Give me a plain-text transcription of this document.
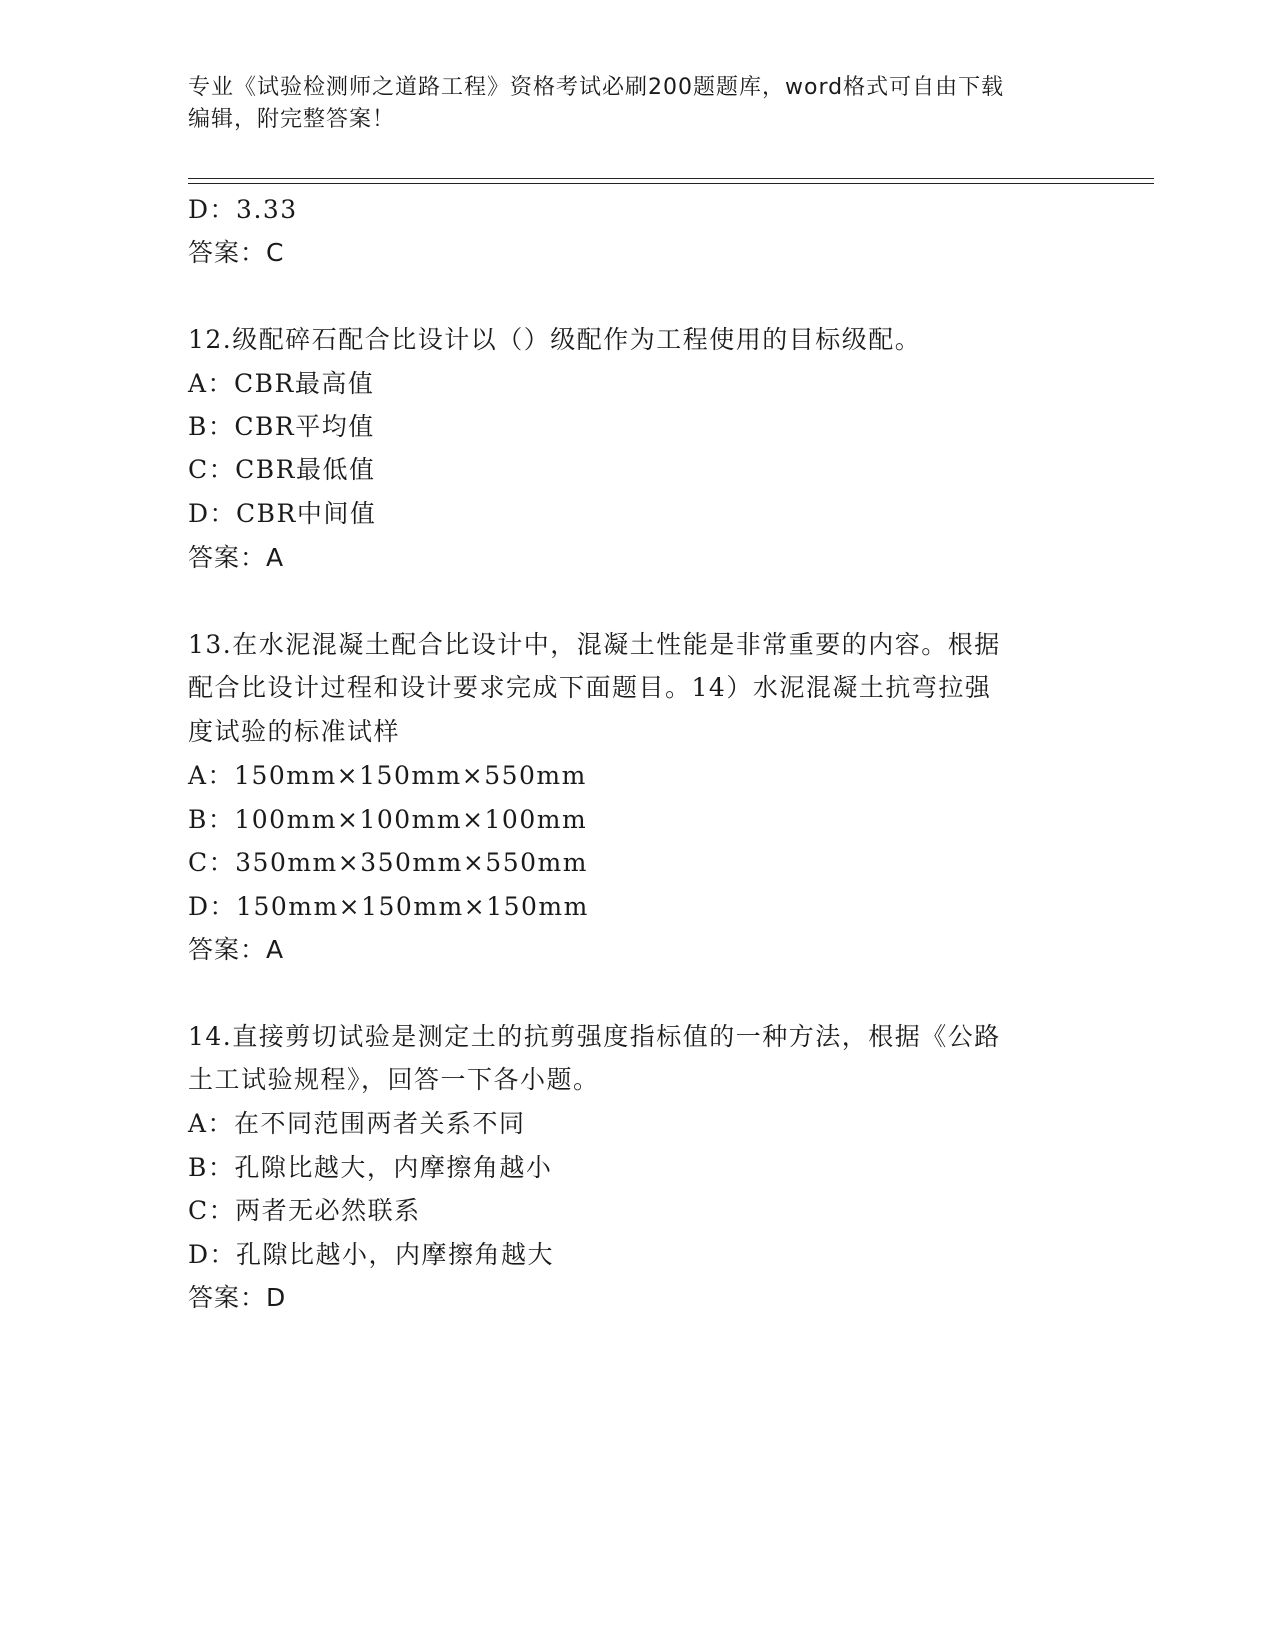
专业《试验检测师之道路工程》资格考试必刷200题题库，word格式可自由下载
编辑，附完整答案！
D：3.33
答案：C
12.级配碎石配合比设计以（）级配作为工程使用的目标级配。
A：CBR最高值
B：CBR平均值
C：CBR最低值
D：CBR中间值
答案：A
13.在水泥混凝土配合比设计中，混凝土性能是非常重要的内容。根据
配合比设计过程和设计要求完成下面题目。14）水泥混凝土抗弯拉强
度试验的标准试样
A：150mm×150mm×550mm
B：100mm×100mm×100mm
C：350mm×350mm×550mm
D：150mm×150mm×150mm
答案：A
14.直接剪切试验是测定土的抗剪强度指标值的一种方法，根据《公路
土工试验规程》，回答一下各小题。
A：在不同范围两者关系不同
B：孔隙比越大，内摩擦角越小
C：两者无必然联系
D：孔隙比越小，内摩擦角越大
答案：D
